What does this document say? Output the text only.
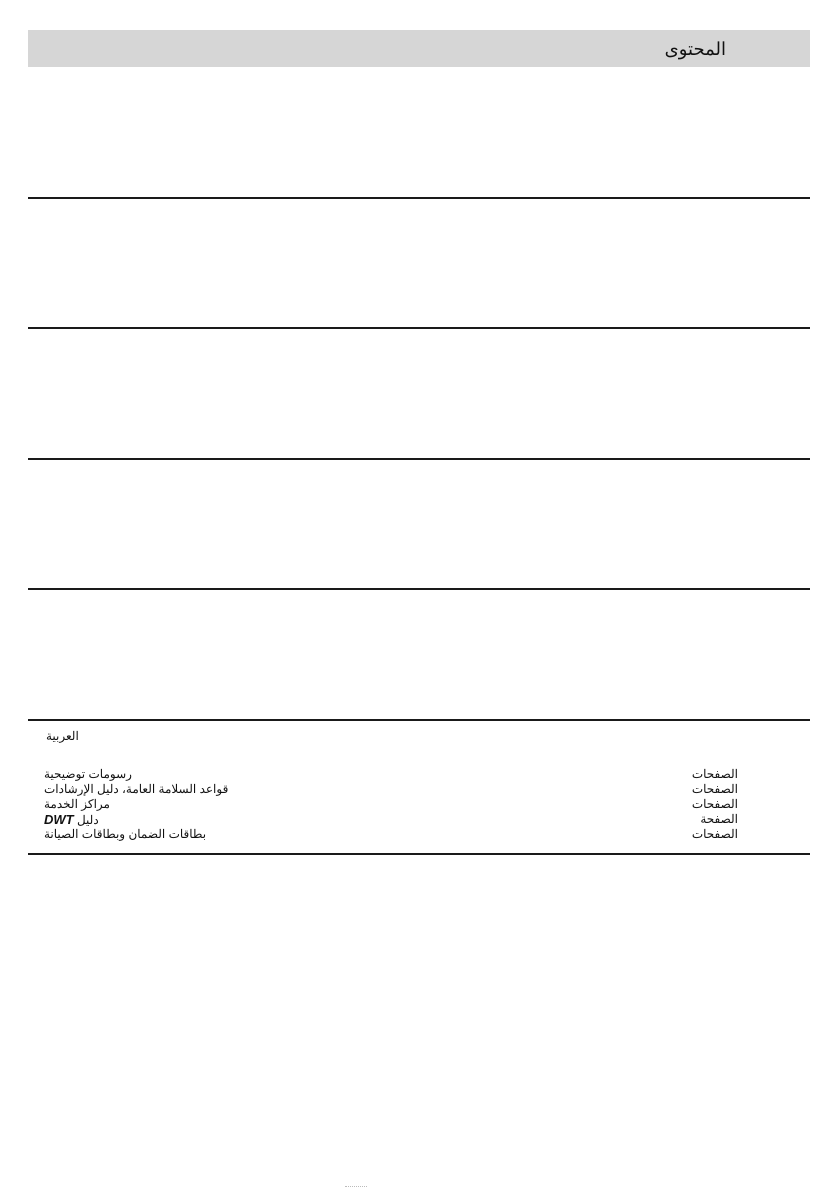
المحتوى
العربية
رسومات توضيحية	الصفحات
قواعد السلامة العامة، دليل الإرشادات	الصفحات
مراكز الخدمة	الصفحات
دليل DWT	الصفحة
بطاقات الضمان وبطاقات الصيانة	الصفحات
